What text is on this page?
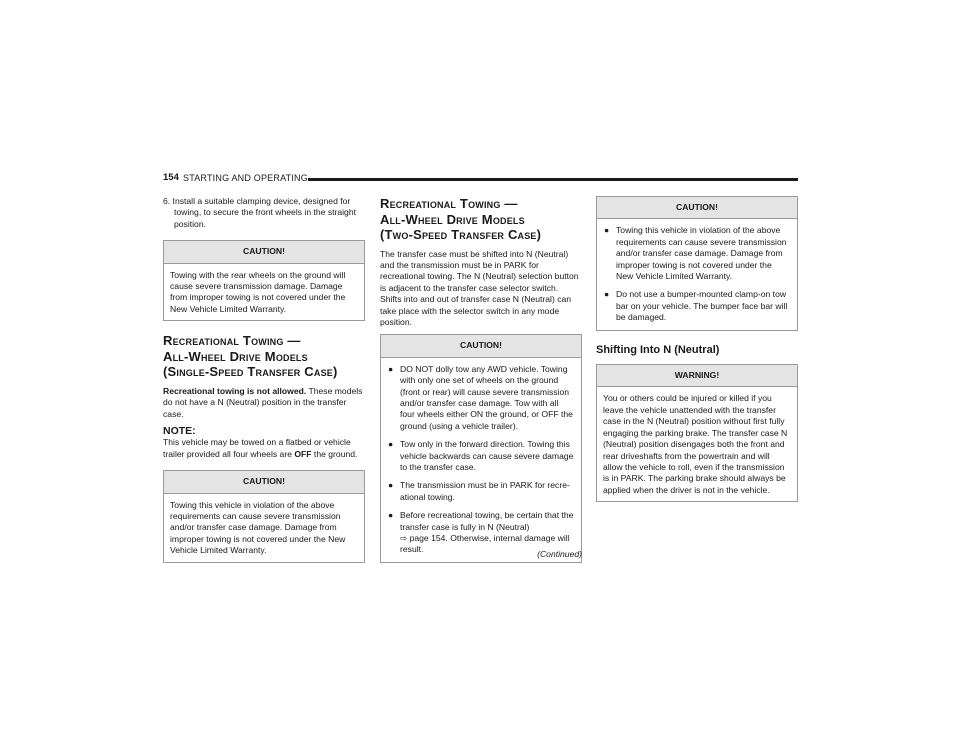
154 STARTING AND OPERATING

6. Install a suitable clamping device, designed for towing, to secure the front wheels in the straight position.

CAUTION!
Towing with the rear wheels on the ground will cause severe transmission damage. Damage from improper towing is not covered under the New Vehicle Limited Warranty.
Recreational Towing —
All-Wheel Drive Models
(Single-Speed Transfer Case)

Recreational towing is not allowed. These models do not have a N (Neutral) position in the transfer case.

NOTE:
This vehicle may be towed on a flatbed or vehicle trailer provided all four wheels are OFF the ground.

CAUTION!
Towing this vehicle in violation of the above requirements can cause severe transmission and/or transfer case damage. Damage from improper towing is not covered under the New Vehicle Limited Warranty.
Recreational Towing —
All-Wheel Drive Models
(Two-Speed Transfer Case)

The transfer case must be shifted into N (Neutral) and the transmission must be in PARK for recreational towing. The N (Neutral) selection button is adjacent to the transfer case selector switch. Shifts into and out of transfer case N (Neutral) can take place with the selector switch in any mode position.

CAUTION!
● DO NOT dolly tow any AWD vehicle. Towing with only one set of wheels on the ground (front or rear) will cause severe transmission and/or transfer case damage. Tow with all four wheels either ON the ground, or OFF the ground (using a vehicle trailer).
● Tow only in the forward direction. Towing this vehicle backwards can cause severe damage to the transfer case.
● The transmission must be in PARK for recre-ational towing.
● Before recreational towing, be certain that the transfer case is fully in N (Neutral)
⇨ page 154. Otherwise, internal damage will result.	(Continued)
CAUTION!
● Towing this vehicle in violation of the above requirements can cause severe transmission and/or transfer case damage. Damage from improper towing is not covered under the New Vehicle Limited Warranty.
● Do not use a bumper-mounted clamp-on tow bar on your vehicle. The bumper face bar will be damaged.
Shifting Into N (Neutral)
WARNING!
You or others could be injured or killed if you leave the vehicle unattended with the transfer case in the N (Neutral) position without first fully engaging the parking brake. The transfer case N (Neutral) position disengages both the front and rear driveshafts from the powertrain and will allow the vehicle to roll, even if the transmission is in PARK. The parking brake should always be applied when the driver is not in the vehicle.
